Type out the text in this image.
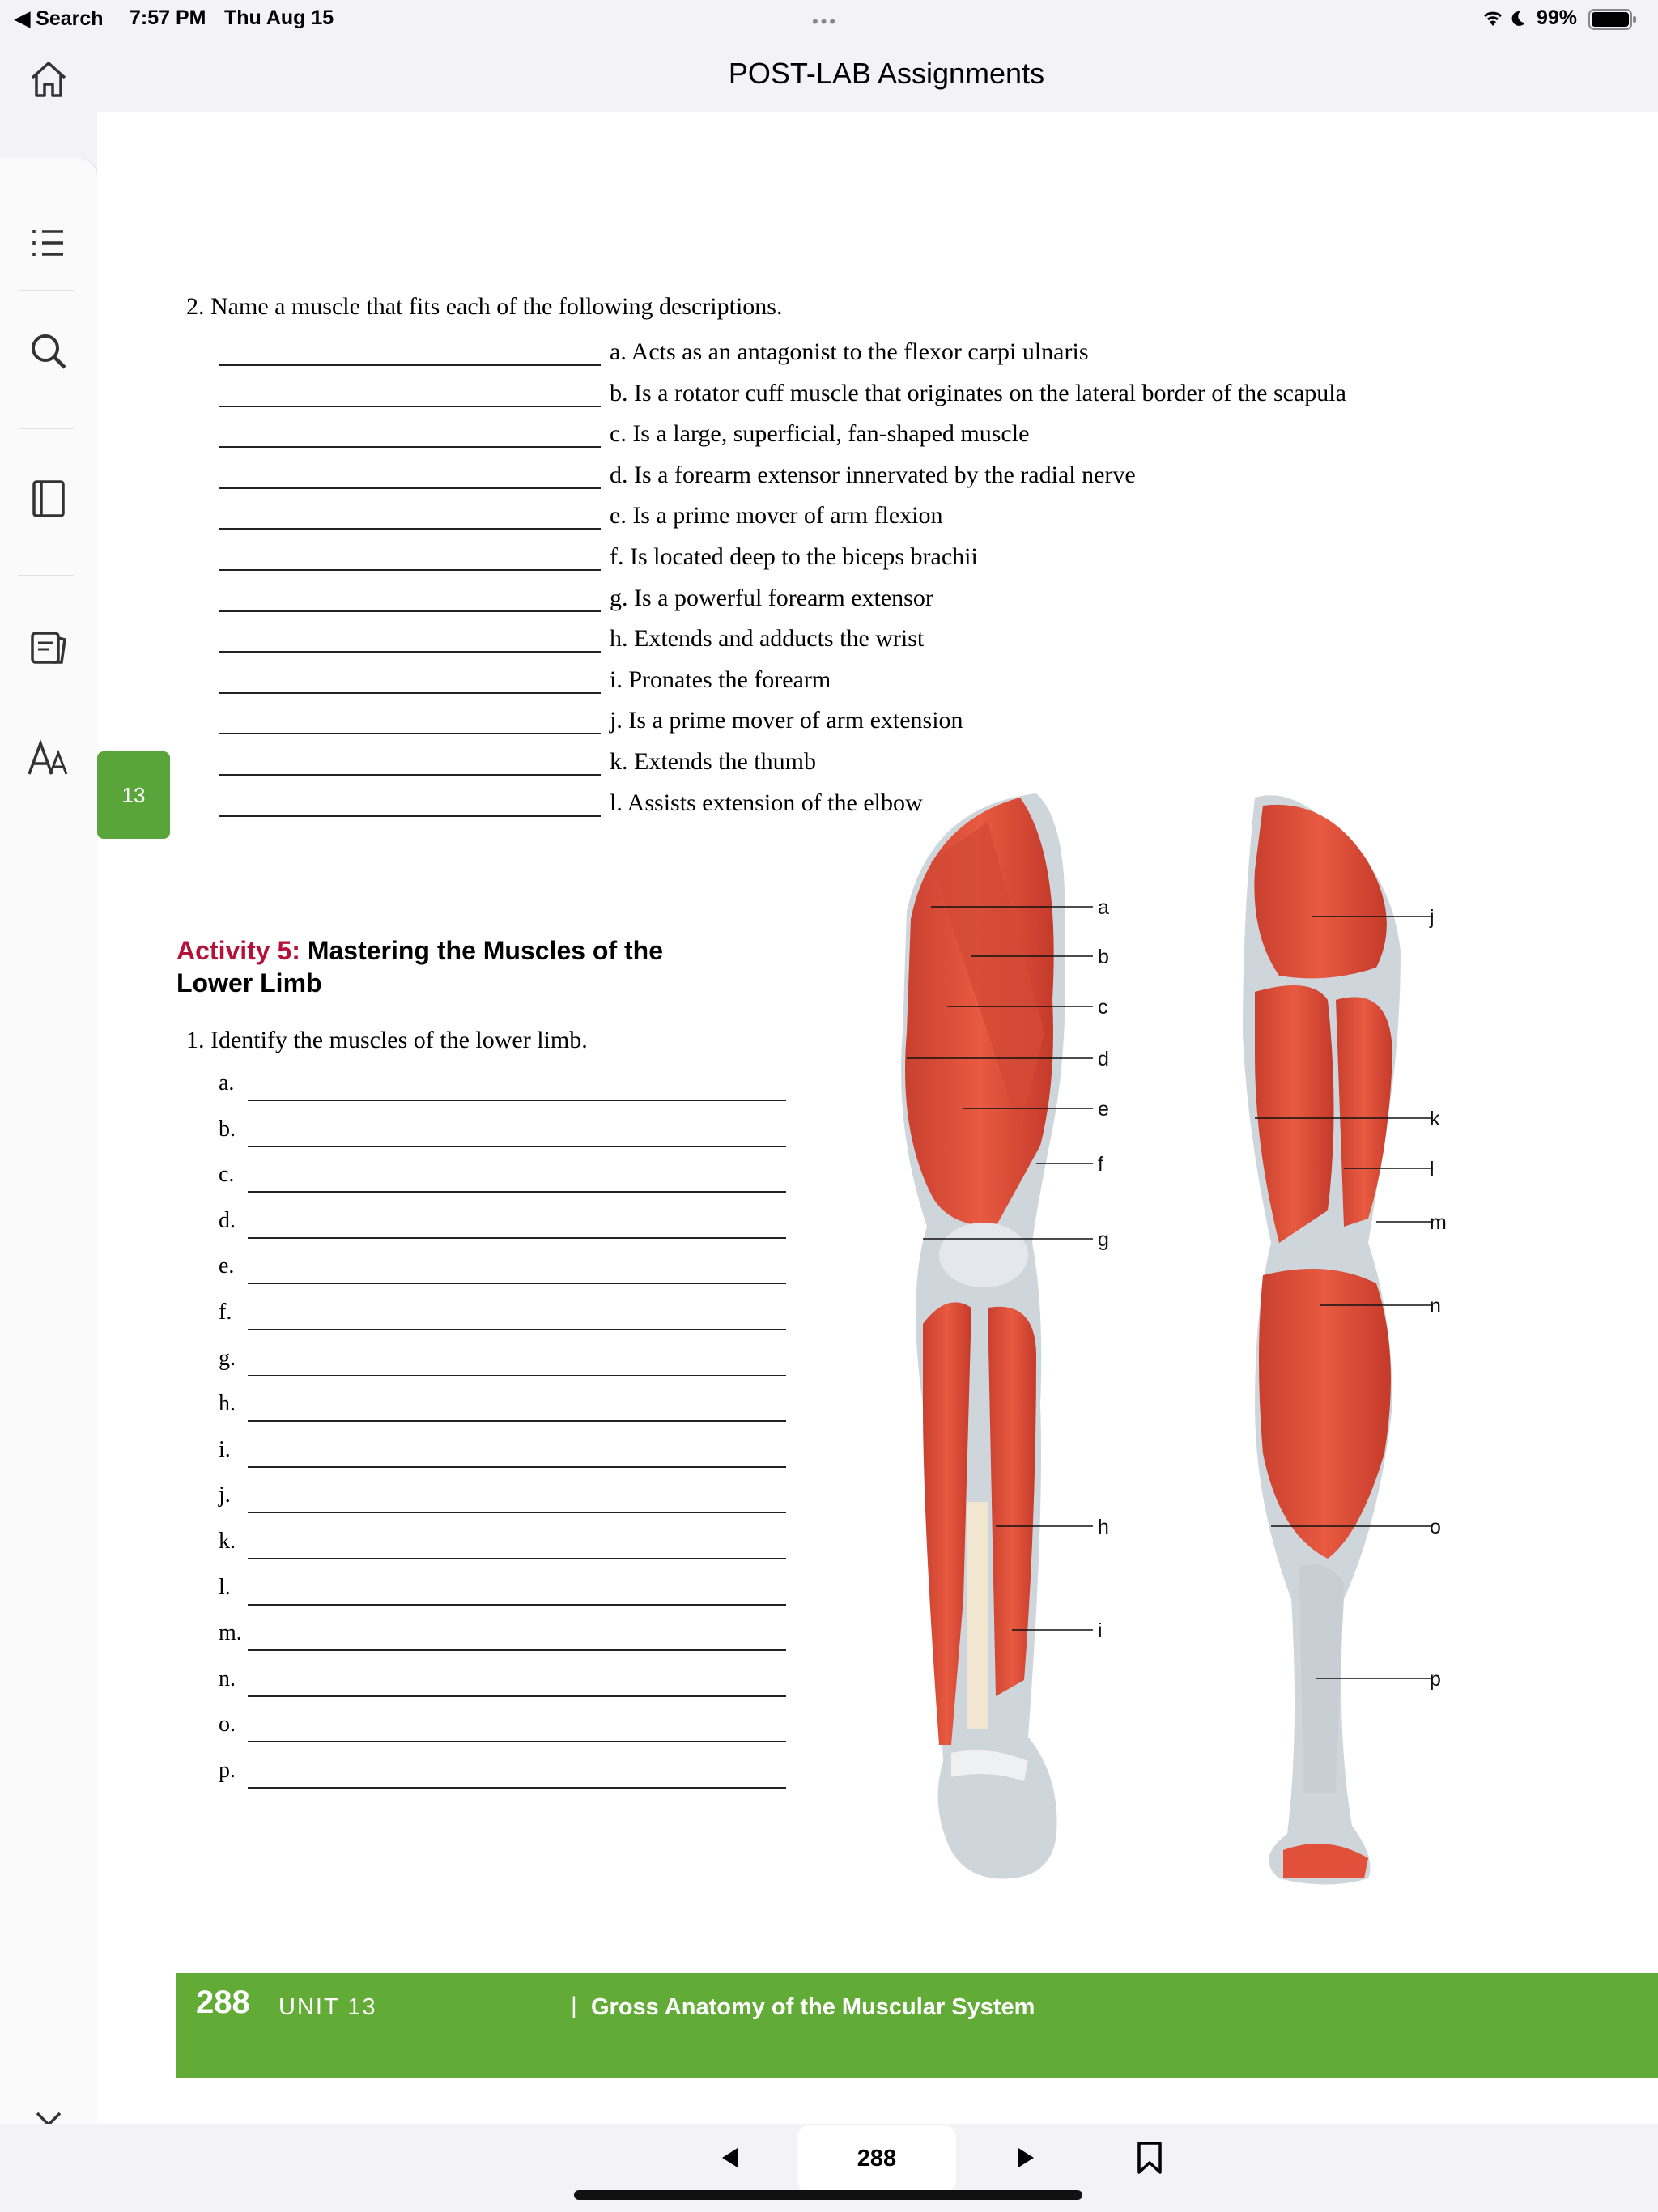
◀ Search 7:57 PM Thu Aug 15	•••	99%
POST-LAB Assignments
13
2. Name a muscle that fits each of the following descriptions.
a. Acts as an antagonist to the flexor carpi ulnaris
b. Is a rotator cuff muscle that originates on the lateral border of the scapula
c. Is a large, superficial, fan-shaped muscle
d. Is a forearm extensor innervated by the radial nerve
e. Is a prime mover of arm flexion
f. Is located deep to the biceps brachii
g. Is a powerful forearm extensor
h. Extends and adducts the wrist
i. Pronates the forearm
j. Is a prime mover of arm extension
k. Extends the thumb
l. Assists extension of the elbow
Activity 5: Mastering the Muscles of the Lower Limb
1. Identify the muscles of the lower limb.
a.
b.
c.
d.
e.
f.
g.
h.
i.
j.
k.
l.
m.
n.
o.
p.
a
b
c
d
e
f
g
h
i
j
k
l
m
n
o
p
288 UNIT 13	| Gross Anatomy of the Muscular System
288
